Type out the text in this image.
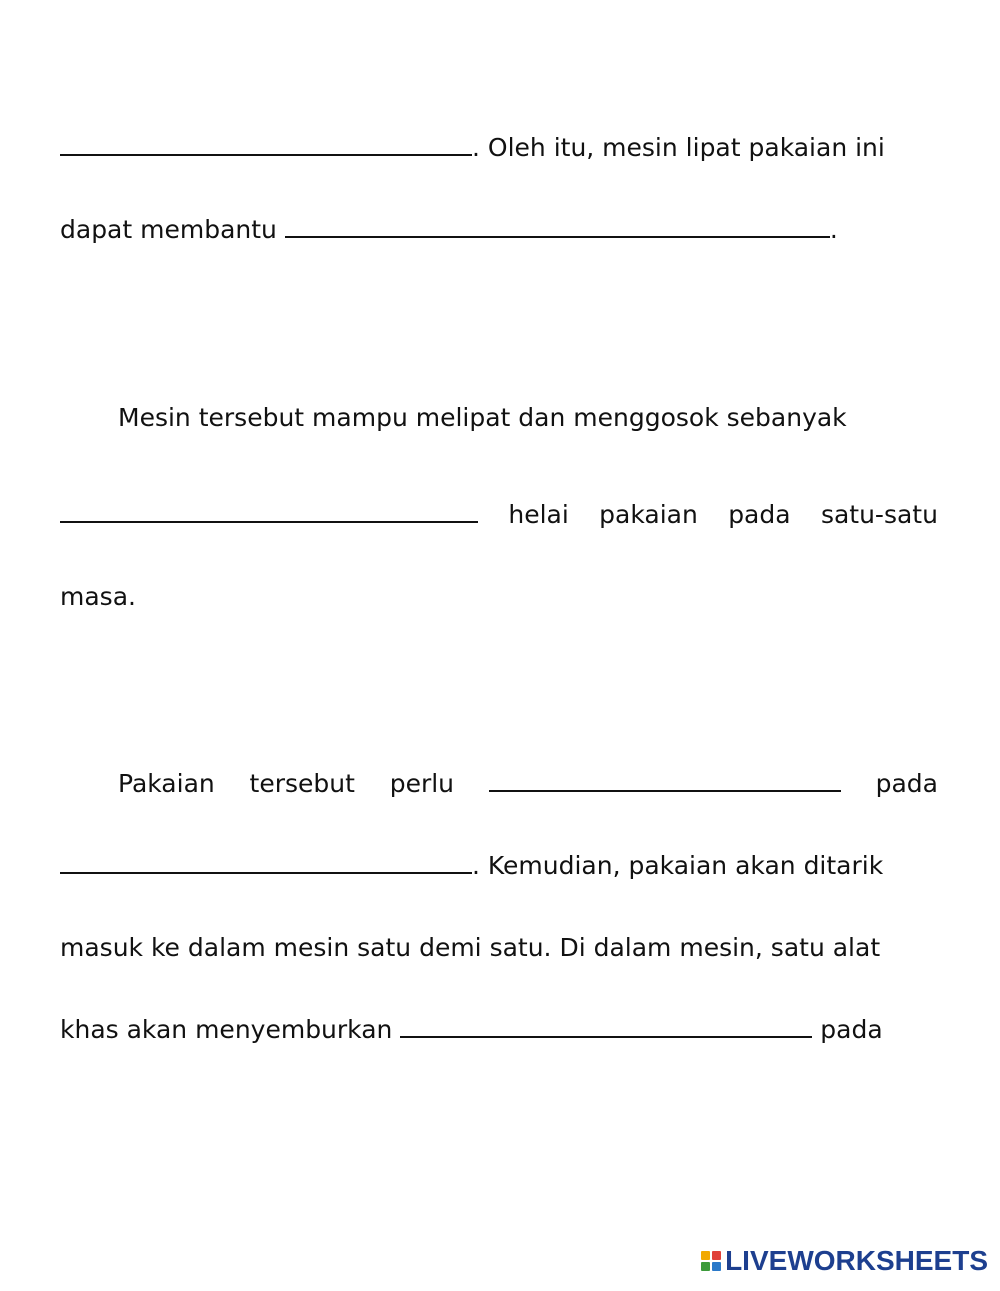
. Oleh itu, mesin lipat pakaian ini
dapat membantu	.
Mesin tersebut mampu melipat dan menggosok sebanyak
helai pakaian pada satu-satu
masa.
Pakaian tersebut perlu	pada
. Kemudian, pakaian akan ditarik
masuk ke dalam mesin satu demi satu. Di dalam mesin, satu alat
khas akan menyemburkan	pada
LIVEWORKSHEETS
